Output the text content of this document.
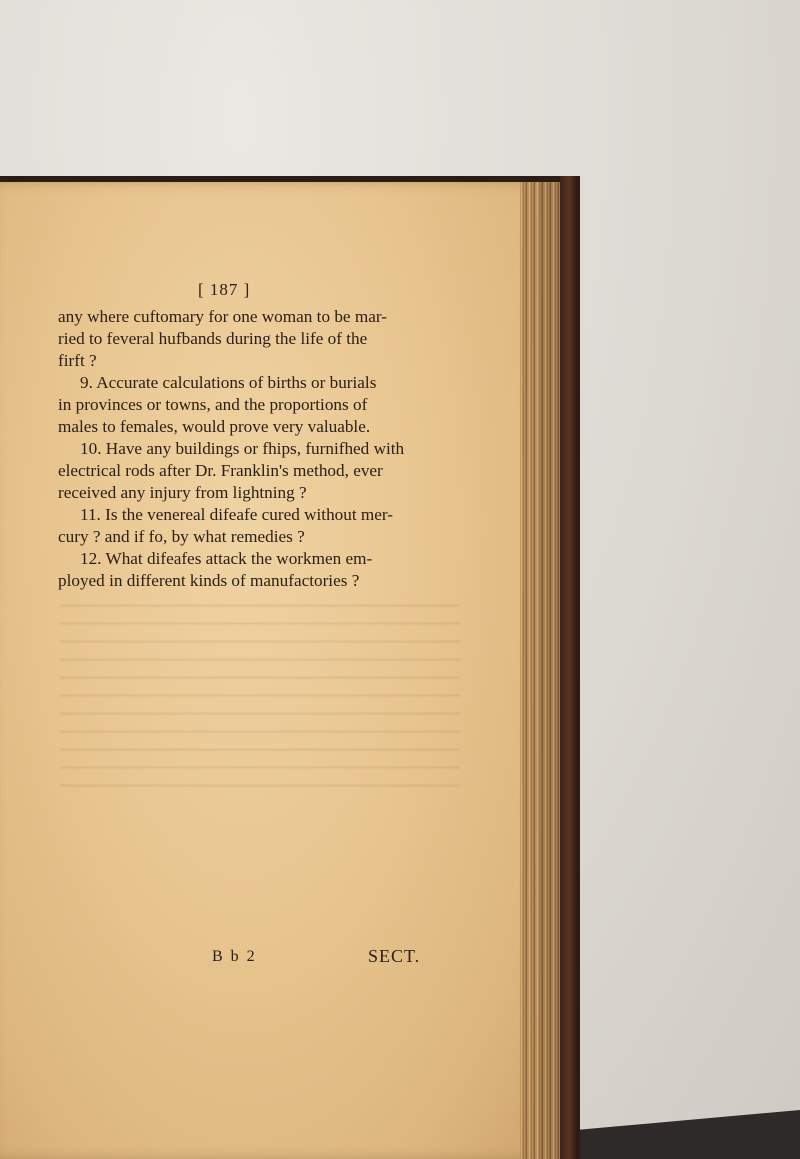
[ 187 ]
any where cuftomary for one woman to be mar-
ried to feveral hufbands during the life of the
firft ?
9. Accurate calculations of births or burials
in provinces or towns, and the proportions of
males to females, would prove very valuable.
10. Have any buildings or fhips, furnifhed with
electrical rods after Dr. Franklin's method, ever
received any injury from lightning ?
11. Is the venereal difeafe cured without mer-
cury ? and if fo, by what remedies ?
12. What difeafes attack the workmen em-
ployed in different kinds of manufactories ?
B b 2	SECT.
